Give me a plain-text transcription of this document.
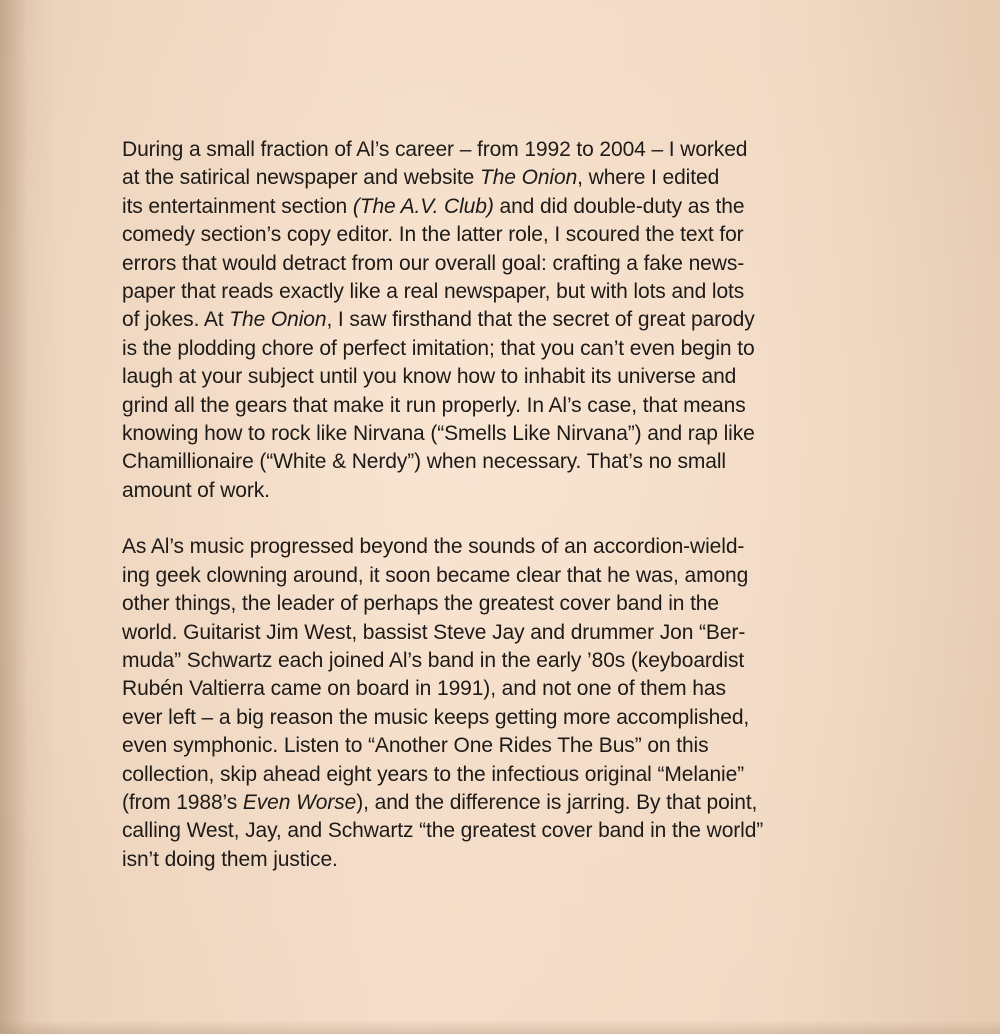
During a small fraction of Al’s career – from 1992 to 2004 – I worked
at the satirical newspaper and website The Onion, where I edited
its entertainment section (The A.V. Club) and did double-duty as the
comedy section’s copy editor. In the latter role, I scoured the text for
errors that would detract from our overall goal: crafting a fake news-
paper that reads exactly like a real newspaper, but with lots and lots
of jokes. At The Onion, I saw firsthand that the secret of great parody
is the plodding chore of perfect imitation; that you can’t even begin to
laugh at your subject until you know how to inhabit its universe and
grind all the gears that make it run properly. In Al’s case, that means
knowing how to rock like Nirvana (“Smells Like Nirvana”) and rap like
Chamillionaire (“White & Nerdy”) when necessary. That’s no small
amount of work.
As Al’s music progressed beyond the sounds of an accordion-wield-
ing geek clowning around, it soon became clear that he was, among
other things, the leader of perhaps the greatest cover band in the
world. Guitarist Jim West, bassist Steve Jay and drummer Jon “Ber-
muda” Schwartz each joined Al’s band in the early ’80s (keyboardist
Rubén Valtierra came on board in 1991), and not one of them has
ever left – a big reason the music keeps getting more accomplished,
even symphonic. Listen to “Another One Rides The Bus” on this
collection, skip ahead eight years to the infectious original “Melanie”
(from 1988’s Even Worse), and the difference is jarring. By that point,
calling West, Jay, and Schwartz “the greatest cover band in the world”
isn’t doing them justice.
